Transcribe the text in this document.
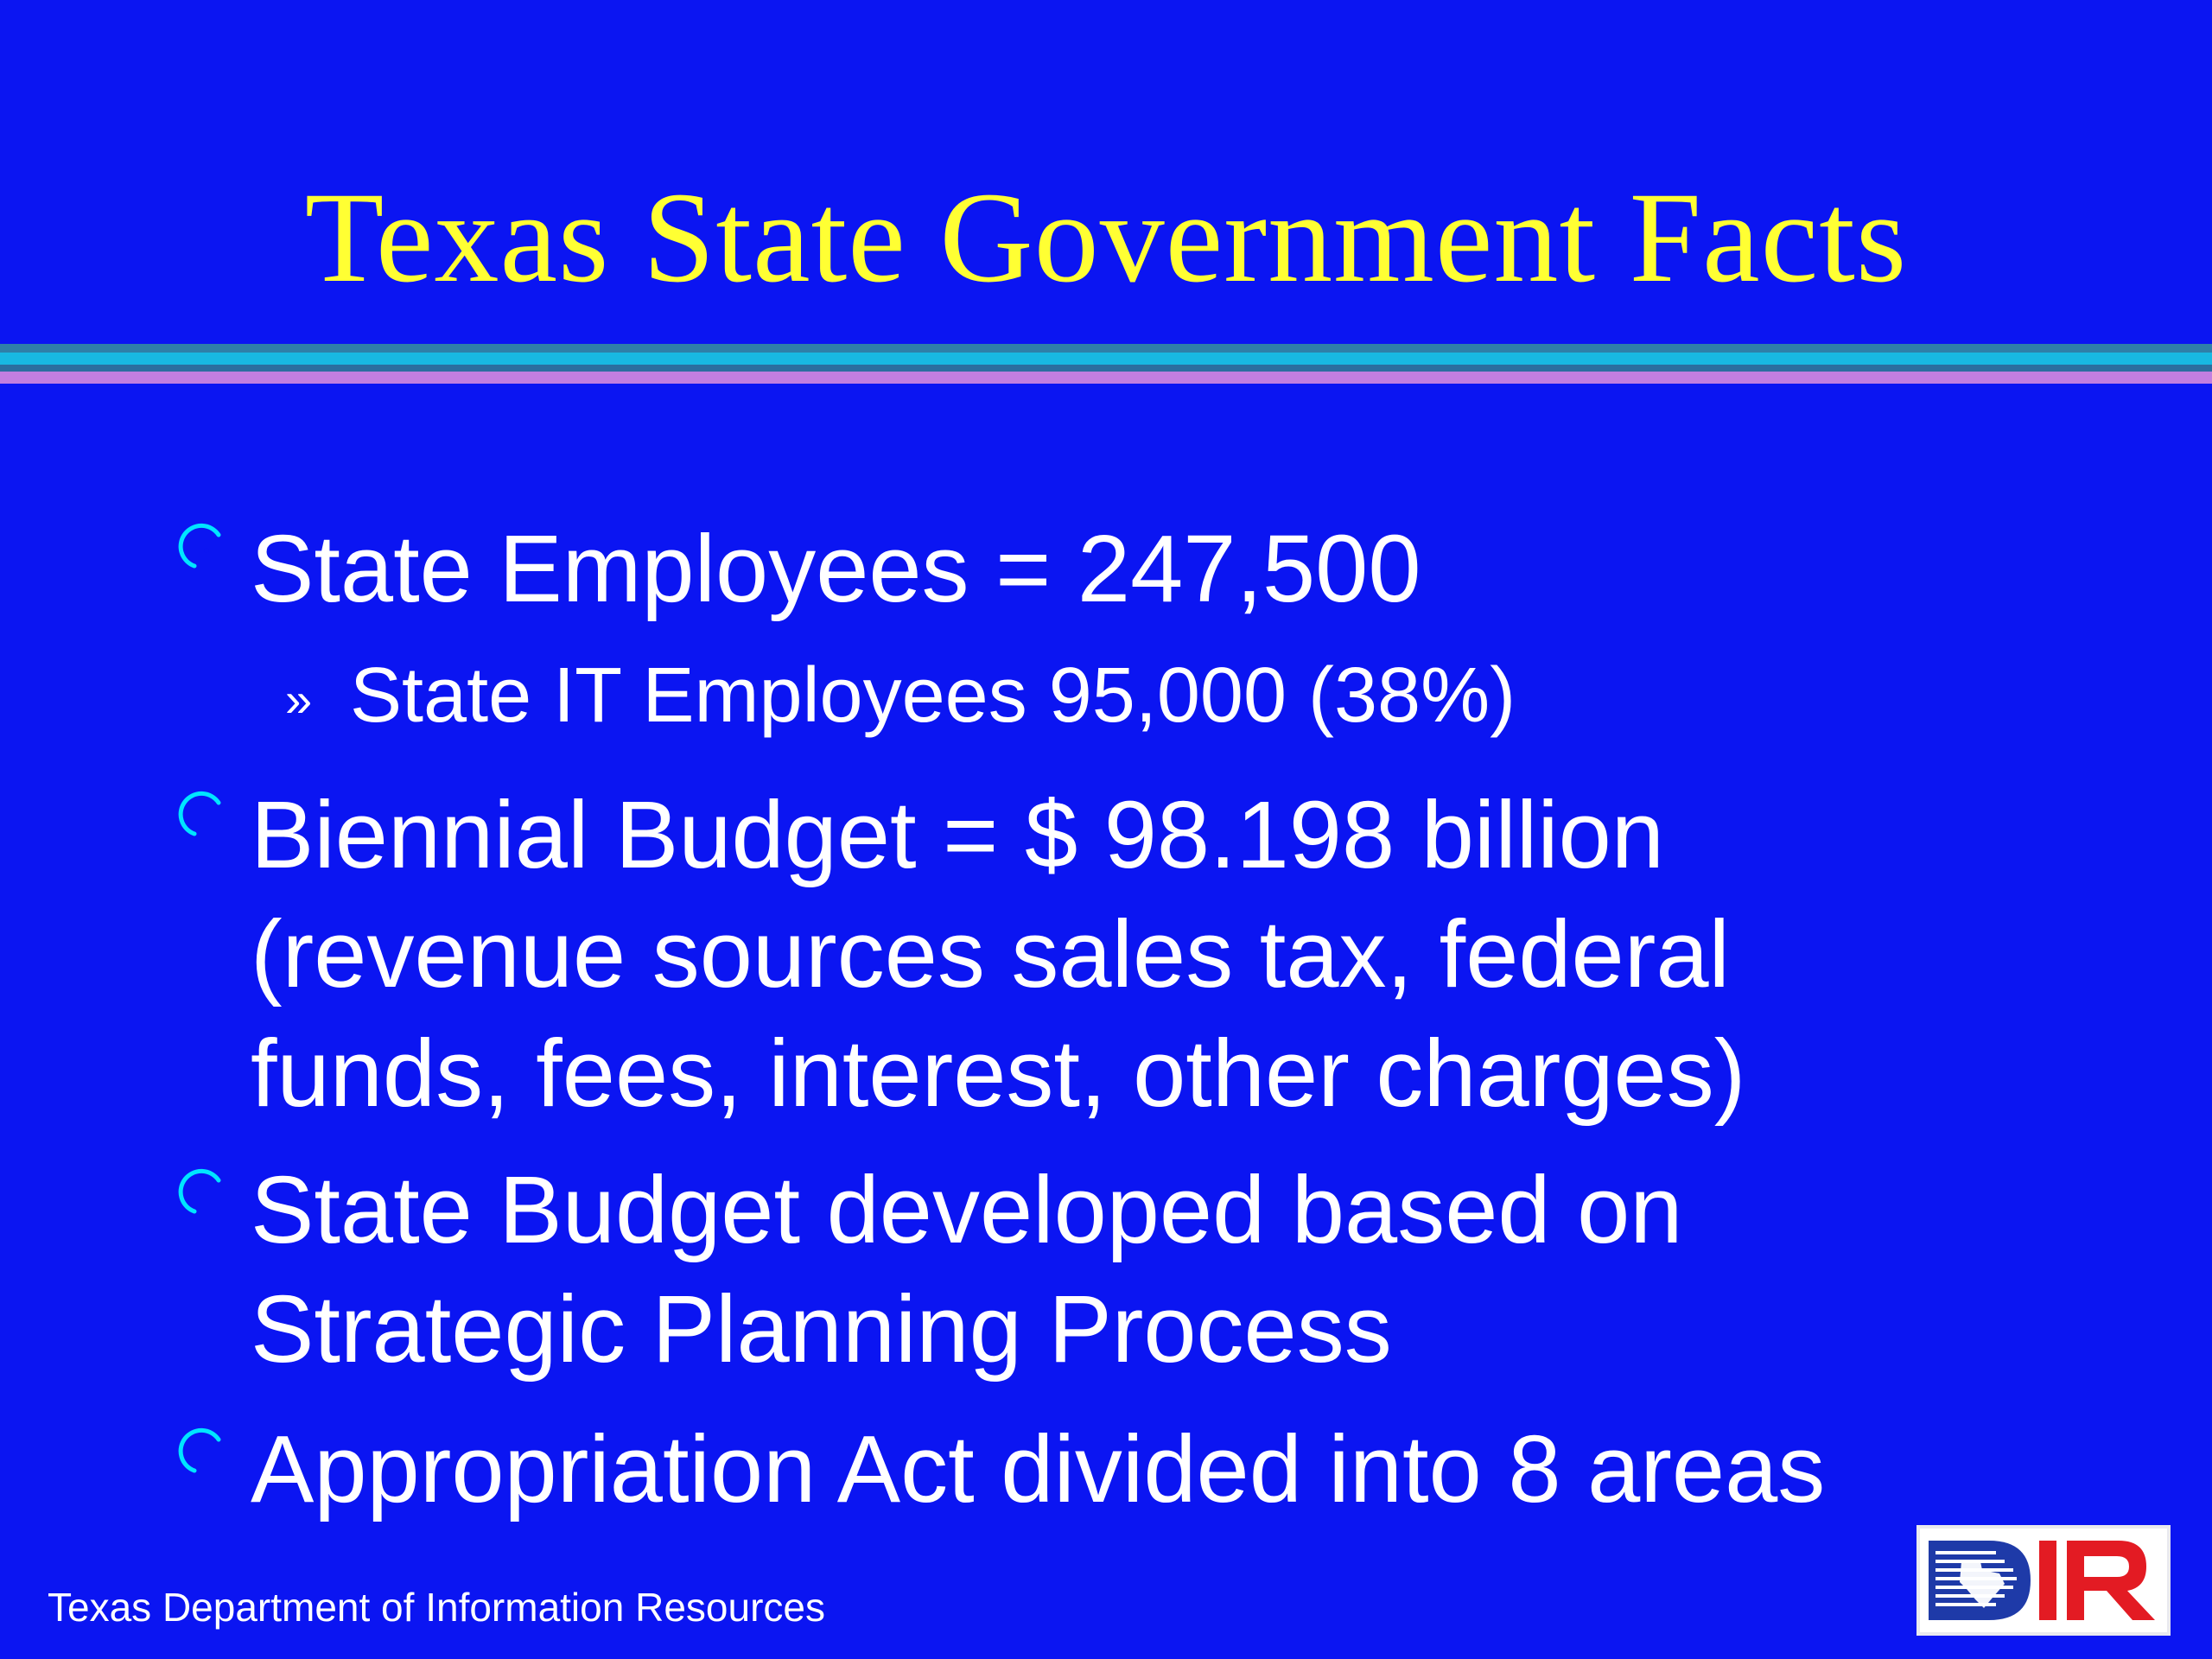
Texas State Government Facts
State Employees = 247,500
» State IT Employees 95,000 (38%)
Biennial Budget = $ 98.198 billion
(revenue sources sales tax, federal
funds, fees, interest, other charges)
State Budget developed based on
Strategic Planning Process
Appropriation Act divided into 8 areas
Texas Department of Information Resources
